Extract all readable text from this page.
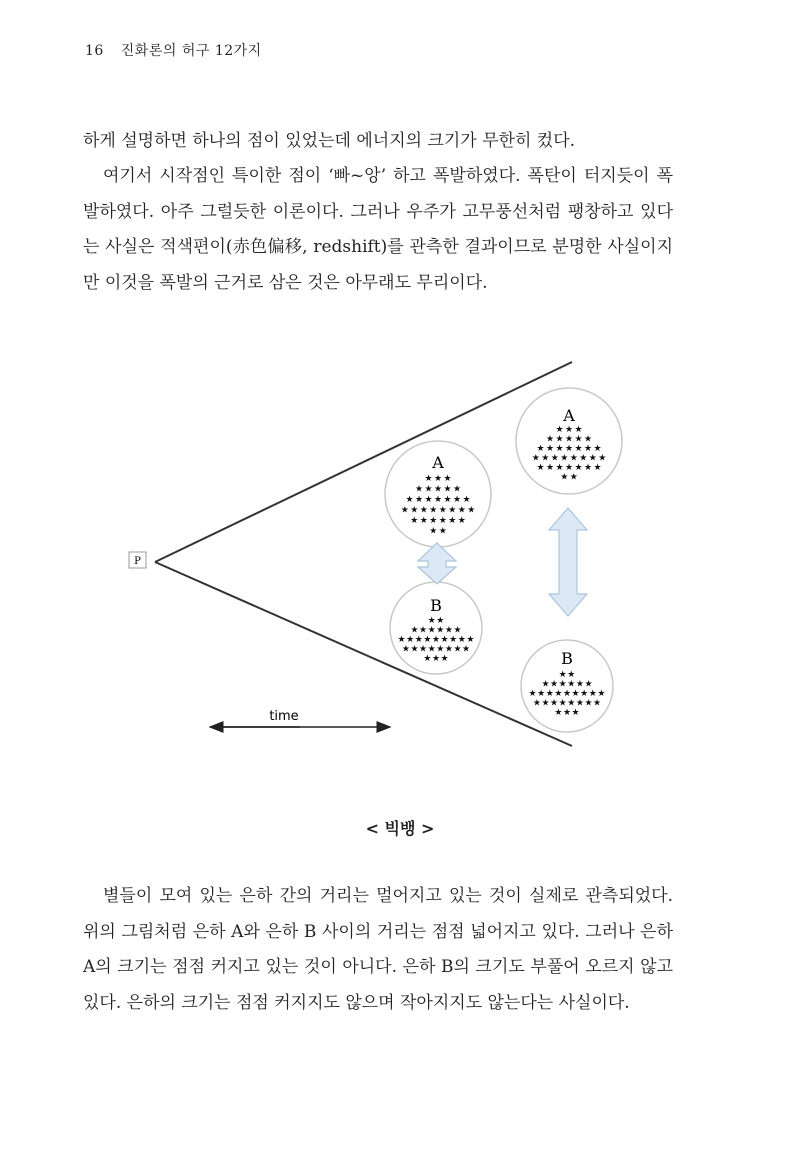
16 진화론의 허구 12가지

하게 설명하면 하나의 점이 있었는데 에너지의 크기가 무한히 컸다.

여기서 시작점인 특이한 점이 ‘빠~앙’ 하고 폭발하였다. 폭탄이 터지듯이 폭발하였다. 아주 그럴듯한 이론이다. 그러나 우주가 고무풍선처럼 팽창하고 있다는 사실은 적색편이(赤色偏移, redshift)를 관측한 결과이므로 분명한 사실이지만 이것을 폭발의 근거로 삼은 것은 아무래도 무리이다.

P
time
A
B
A
B
★ ★ ★
★ ★ ★ ★ ★
★ ★ ★ ★ ★ ★ ★
★ ★ ★ ★ ★ ★ ★ ★
★ ★ ★ ★ ★ ★
★ ★
★ ★
★ ★ ★ ★ ★ ★
★ ★ ★ ★ ★ ★ ★ ★ ★
★ ★ ★ ★ ★ ★ ★ ★
★ ★ ★
★ ★ ★
★ ★ ★ ★ ★
★ ★ ★ ★ ★ ★ ★
★ ★ ★ ★ ★ ★ ★ ★
★ ★ ★ ★ ★ ★ ★
★ ★
★ ★
★ ★ ★ ★ ★ ★
★ ★ ★ ★ ★ ★ ★ ★ ★
★ ★ ★ ★ ★ ★ ★ ★
★ ★ ★
< 빅뱅 >

별들이 모여 있는 은하 간의 거리는 멀어지고 있는 것이 실제로 관측되었다. 위의 그림처럼 은하 A와 은하 B 사이의 거리는 점점 넓어지고 있다. 그러나 은하 A의 크기는 점점 커지고 있는 것이 아니다. 은하 B의 크기도 부풀어 오르지 않고 있다. 은하의 크기는 점점 커지지도 않으며 작아지지도 않는다는 사실이다.
